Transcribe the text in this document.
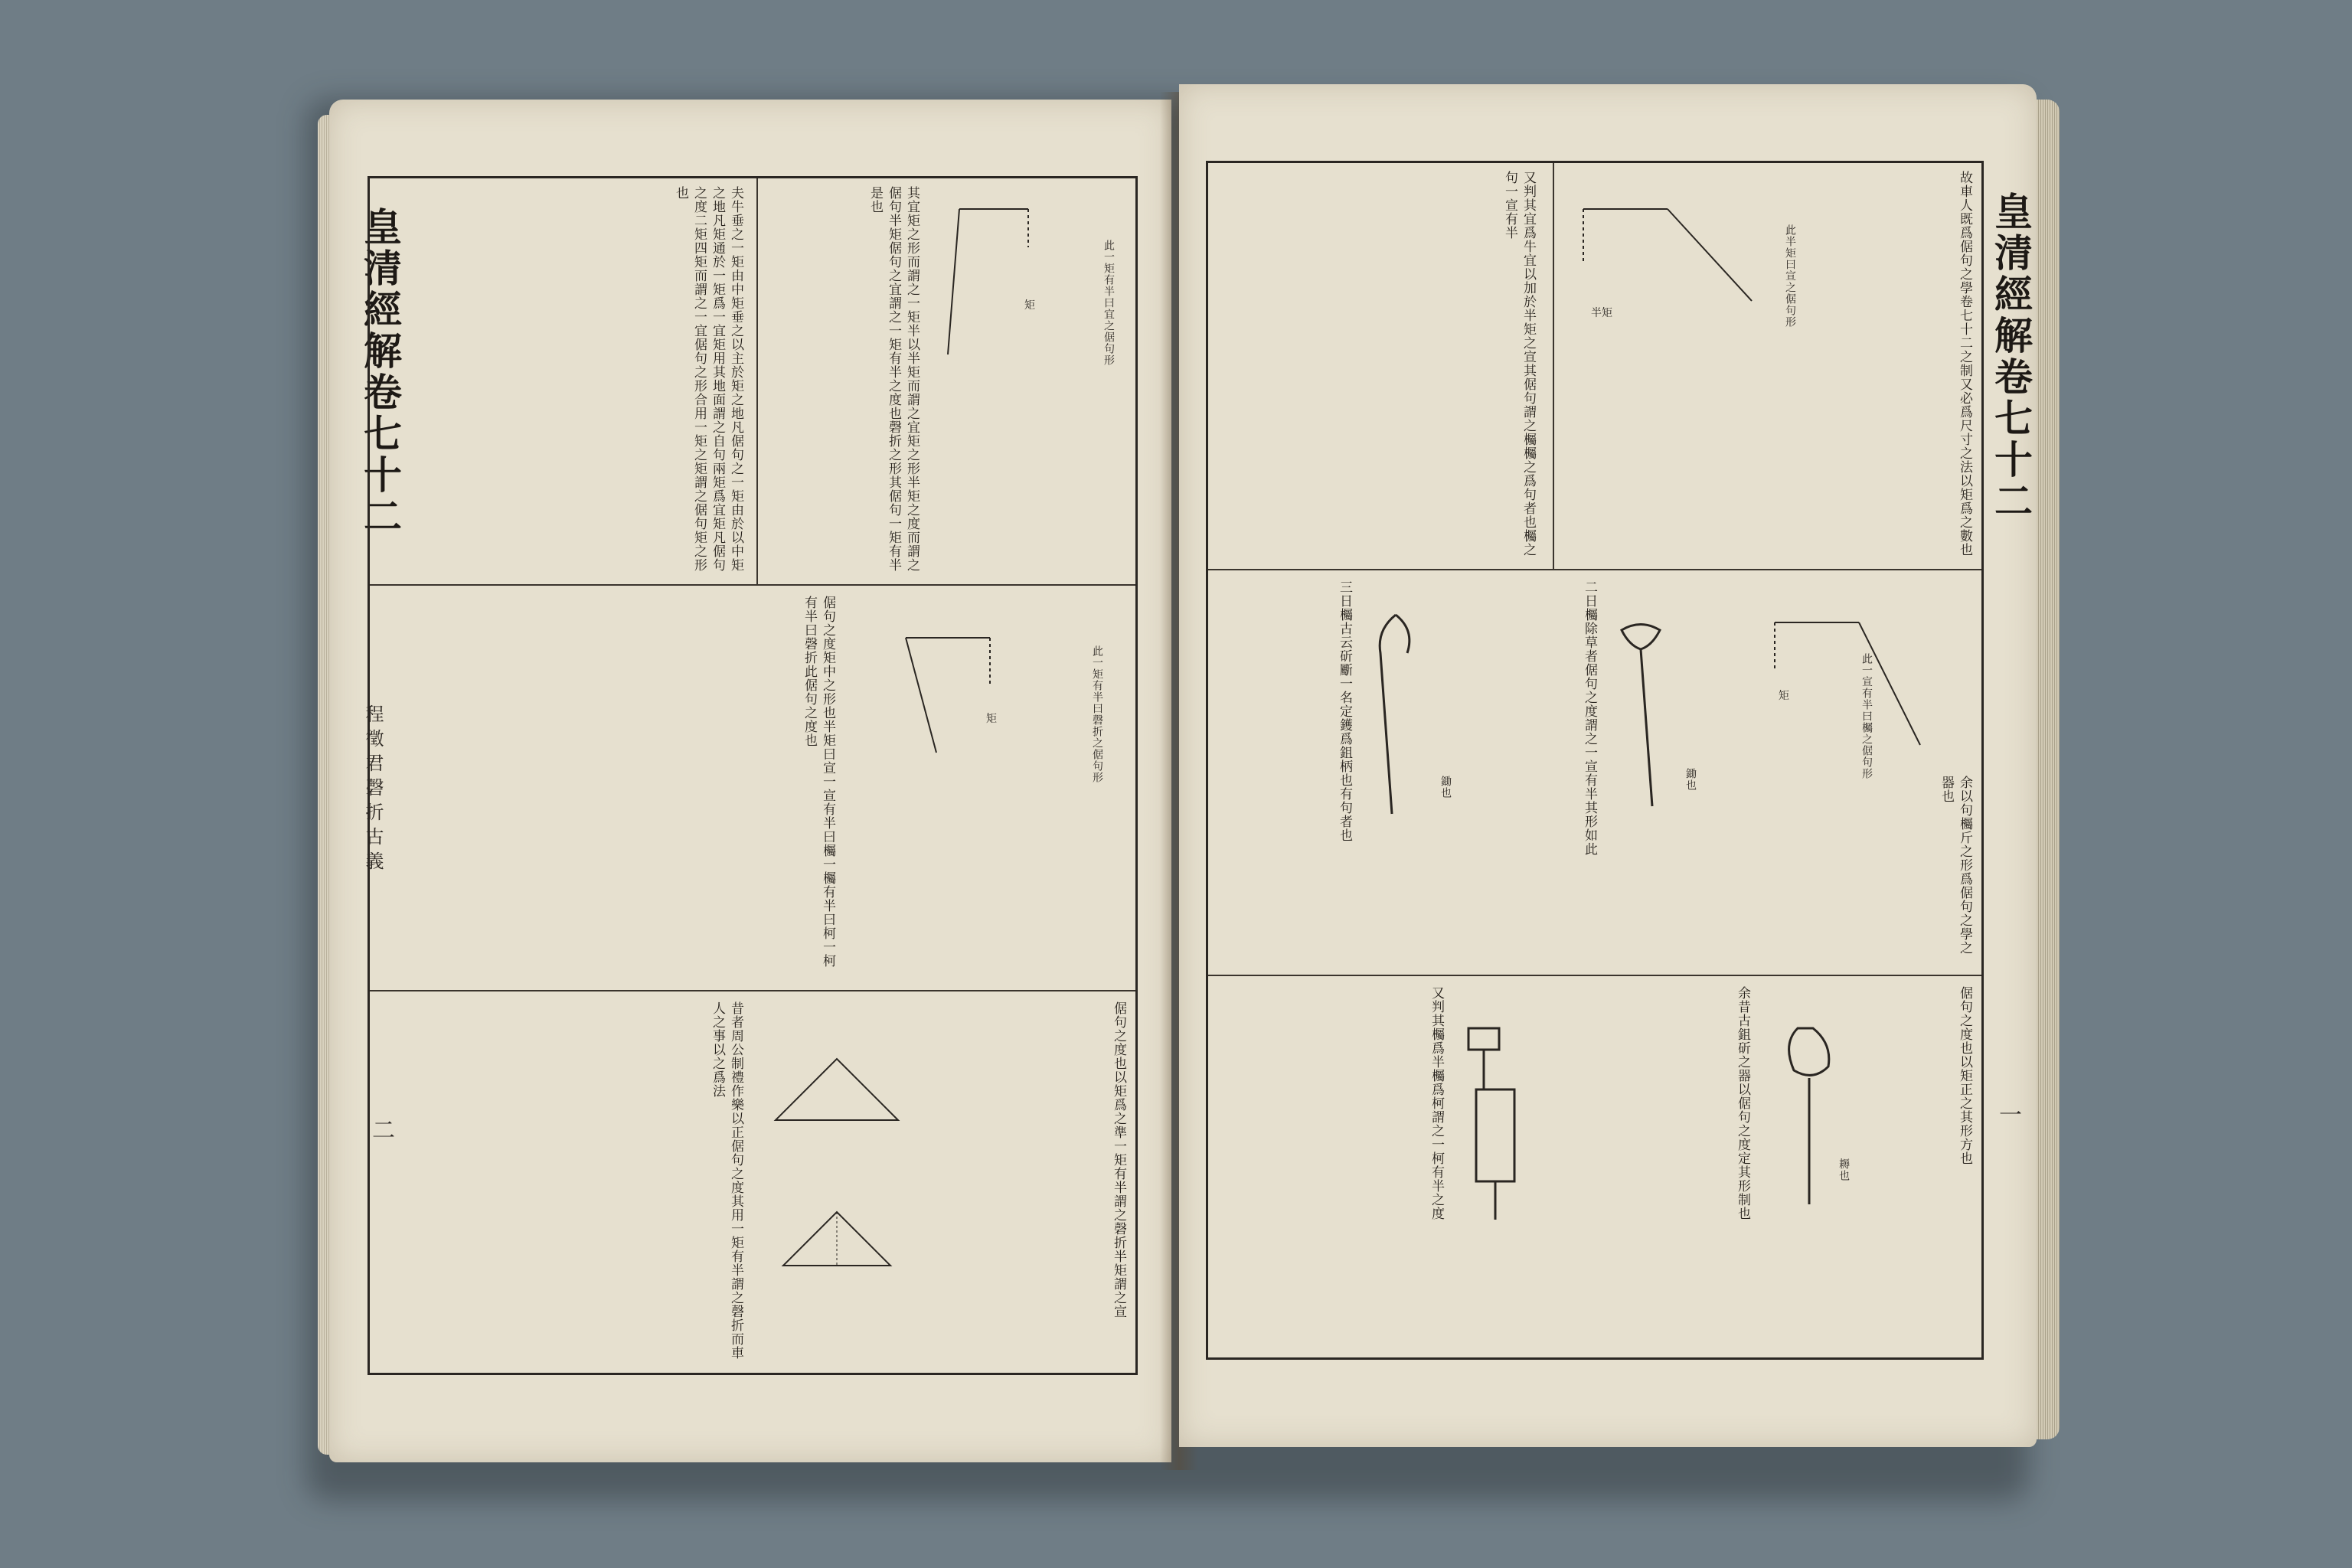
皇清經解卷七十二
程徵君磬折古義
二
夫牛垂之一矩由中矩垂之以主於矩之地凡倨句之一矩由於以中矩之地凡矩通於一矩爲一宜矩用其地面謂之自句兩矩爲宜矩凡倨句之度二矩四矩而謂之一宜倨句之形合用一矩之矩謂之倨句矩之形也	其宜矩之形而謂之一矩半以半矩而謂之宜矩之形半矩之度而謂之倨句半矩倨句之宜謂之一矩有半之度也磬折之形其倨句一矩有半是也
矩	此一矩有半曰宜之倨句形
倨句之度矩中之形也半矩曰宣一宣有半曰欘一欘有半曰柯一柯有半曰磬折此倨句之度也	矩	此一矩有半曰磬折之倨句形
昔者周公制禮作樂以正倨句之度其用一矩有半謂之磬折而車人之事以之爲法	倨句之度也以矩爲之準一矩有半謂之磬折半矩謂之宣
皇清經解卷七十二
一
又判其宜爲牛宜以加於半矩之宣其倨句謂之欘欘之爲句者也欘之句一宣有半
半矩	此半矩曰宣之倨句形	故車人既爲倨句之學卷七十二之制又必爲尺寸之法以矩爲之數也
三日欘古云斫斸一名定鑊爲鉏柄也有句者也	鋤也	二日欘除草者倨句之度謂之一宣有半其形如此	鋤也
矩	此一宣有半曰欘之倨句形
余以句欘斤之形爲倨句之學之器也
又判其欘爲半欘爲柯謂之一柯有半之度	余昔古鉏斫之器以倨句之度定其形制也	耨也
倨句之度也以矩正之其形方也
